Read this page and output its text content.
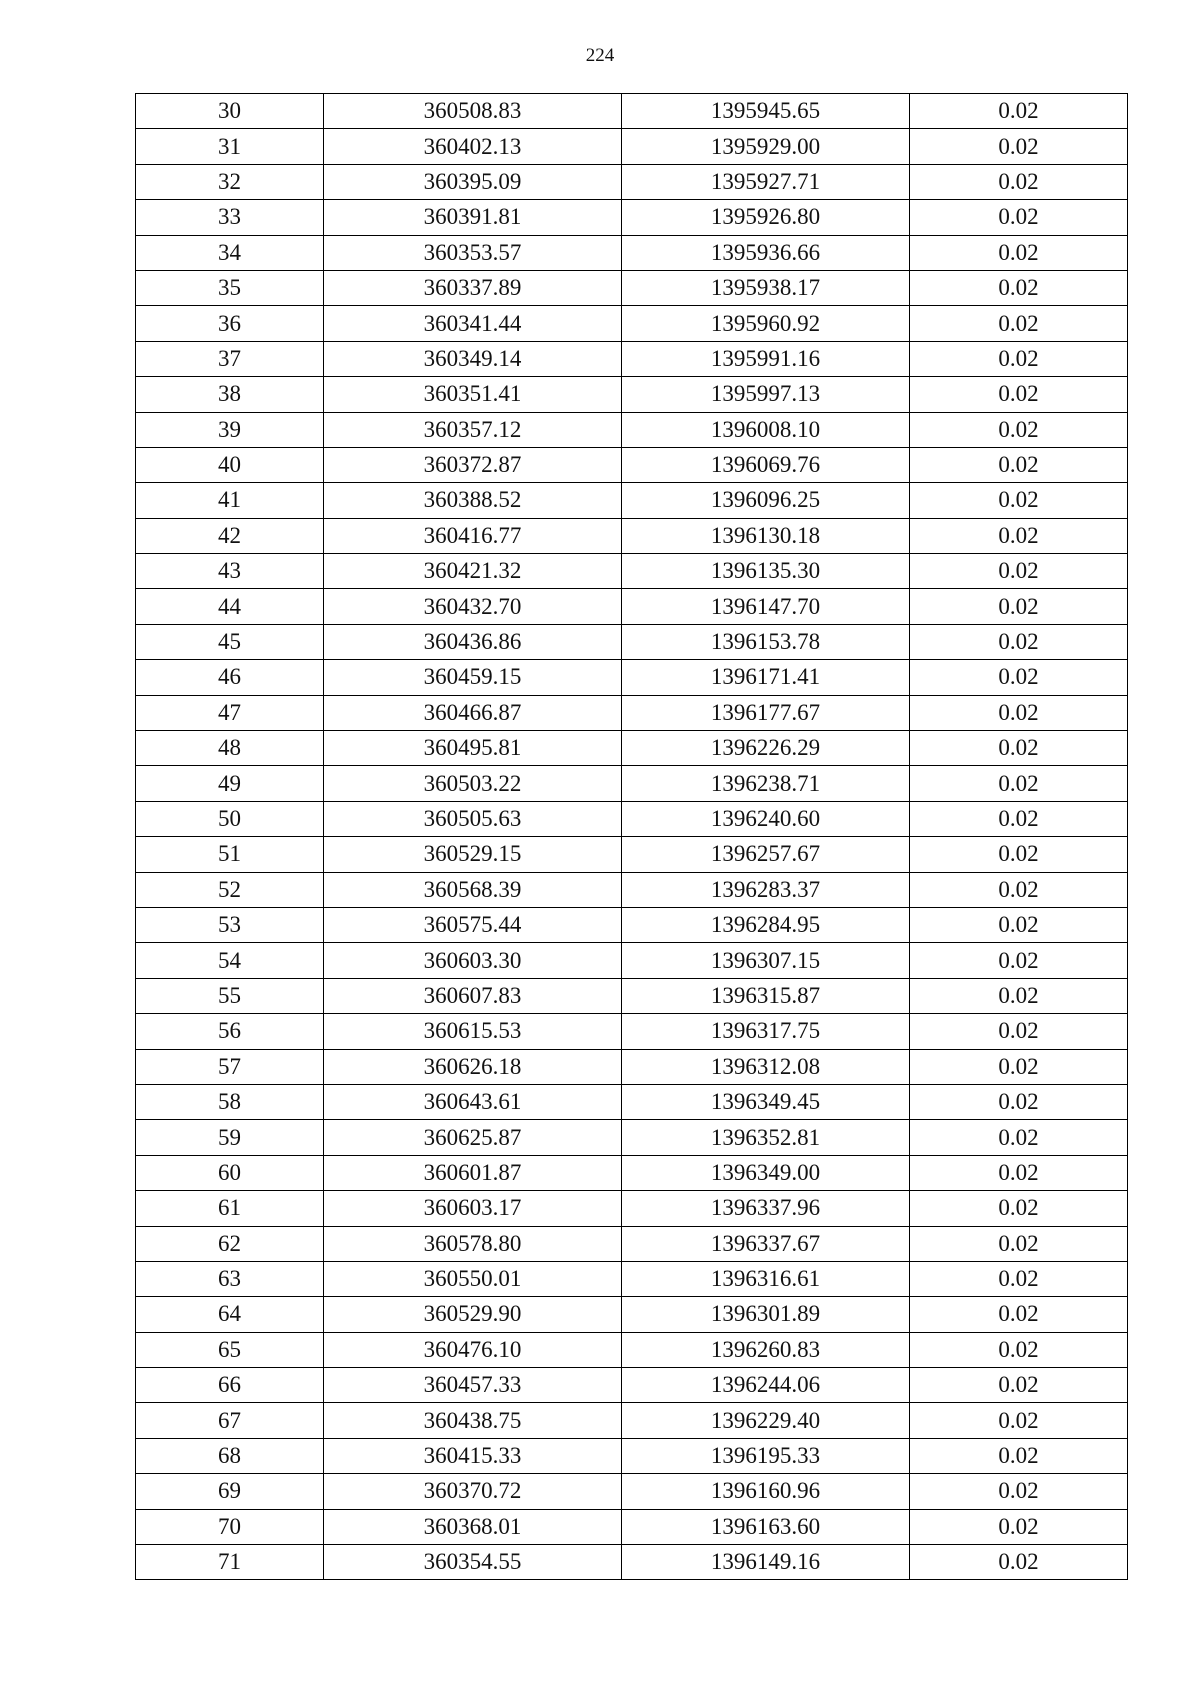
224
30	360508.83	1395945.65	0.02
31	360402.13	1395929.00	0.02
32	360395.09	1395927.71	0.02
33	360391.81	1395926.80	0.02
34	360353.57	1395936.66	0.02
35	360337.89	1395938.17	0.02
36	360341.44	1395960.92	0.02
37	360349.14	1395991.16	0.02
38	360351.41	1395997.13	0.02
39	360357.12	1396008.10	0.02
40	360372.87	1396069.76	0.02
41	360388.52	1396096.25	0.02
42	360416.77	1396130.18	0.02
43	360421.32	1396135.30	0.02
44	360432.70	1396147.70	0.02
45	360436.86	1396153.78	0.02
46	360459.15	1396171.41	0.02
47	360466.87	1396177.67	0.02
48	360495.81	1396226.29	0.02
49	360503.22	1396238.71	0.02
50	360505.63	1396240.60	0.02
51	360529.15	1396257.67	0.02
52	360568.39	1396283.37	0.02
53	360575.44	1396284.95	0.02
54	360603.30	1396307.15	0.02
55	360607.83	1396315.87	0.02
56	360615.53	1396317.75	0.02
57	360626.18	1396312.08	0.02
58	360643.61	1396349.45	0.02
59	360625.87	1396352.81	0.02
60	360601.87	1396349.00	0.02
61	360603.17	1396337.96	0.02
62	360578.80	1396337.67	0.02
63	360550.01	1396316.61	0.02
64	360529.90	1396301.89	0.02
65	360476.10	1396260.83	0.02
66	360457.33	1396244.06	0.02
67	360438.75	1396229.40	0.02
68	360415.33	1396195.33	0.02
69	360370.72	1396160.96	0.02
70	360368.01	1396163.60	0.02
71	360354.55	1396149.16	0.02
